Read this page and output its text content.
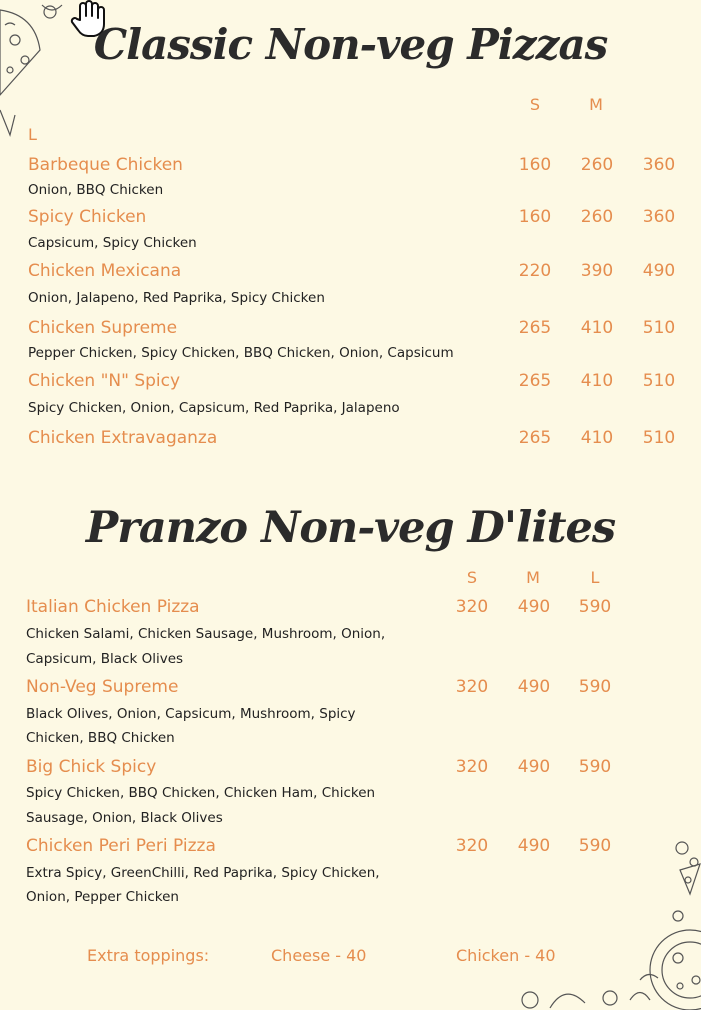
Classic Non-veg Pizzas
S	M
L
Barbeque Chicken
Onion, BBQ Chicken
160	260	360
Spicy Chicken
Capsicum, Spicy Chicken
160	260	360
Chicken Mexicana
Onion, Jalapeno, Red Paprika, Spicy Chicken
220	390	490
Chicken Supreme
Pepper Chicken, Spicy Chicken, BBQ Chicken, Onion, Capsicum
265	410	510
Chicken "N" Spicy
Spicy Chicken, Onion, Capsicum, Red Paprika, Jalapeno
265	410	510
Chicken Extravaganza	265	410	510
Pranzo Non-veg D'lites
S	M	L
Italian Chicken Pizza
Chicken Salami, Chicken Sausage, Mushroom, Onion,
Capsicum, Black Olives
320	490	590
Non-Veg Supreme
Black Olives, Onion, Capsicum, Mushroom, Spicy
Chicken, BBQ Chicken
320	490	590
Big Chick Spicy
Spicy Chicken, BBQ Chicken, Chicken Ham, Chicken
Sausage, Onion, Black Olives
320	490	590
Chicken Peri Peri Pizza
Extra Spicy, GreenChilli, Red Paprika, Spicy Chicken,
Onion, Pepper Chicken
320	490	590
Extra toppings:	Cheese - 40	Chicken - 40
